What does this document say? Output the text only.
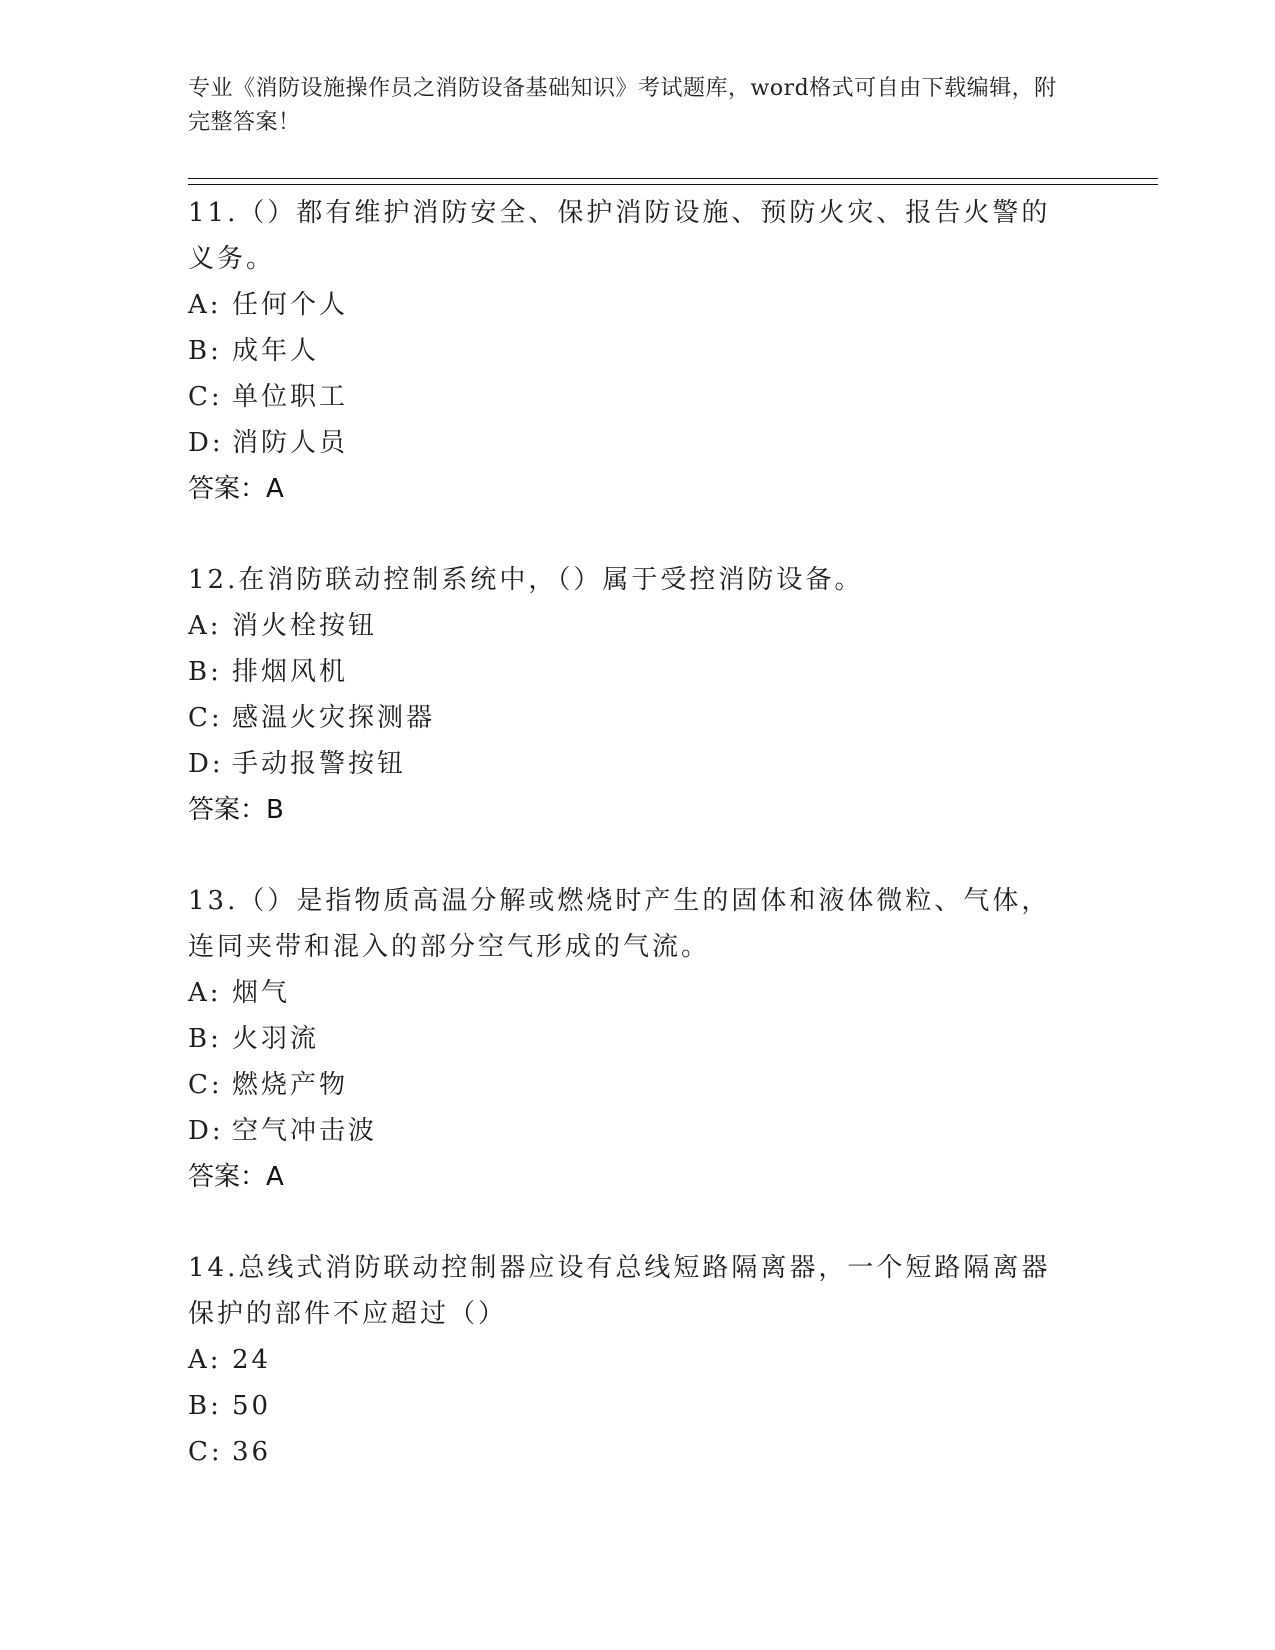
专业《消防设施操作员之消防设备基础知识》考试题库，word格式可自由下载编辑，附完整答案！
11.（）都有维护消防安全、保护消防设施、预防火灾、报告火警的义务。
A: 任何个人
B: 成年人
C: 单位职工
D: 消防人员
答案：A
12.在消防联动控制系统中，（）属于受控消防设备。
A: 消火栓按钮
B: 排烟风机
C: 感温火灾探测器
D: 手动报警按钮
答案：B
13.（）是指物质高温分解或燃烧时产生的固体和液体微粒、气体，连同夹带和混入的部分空气形成的气流。
A: 烟气
B: 火羽流
C: 燃烧产物
D: 空气冲击波
答案：A
14.总线式消防联动控制器应设有总线短路隔离器，一个短路隔离器保护的部件不应超过（）
A: 24
B: 50
C: 36
